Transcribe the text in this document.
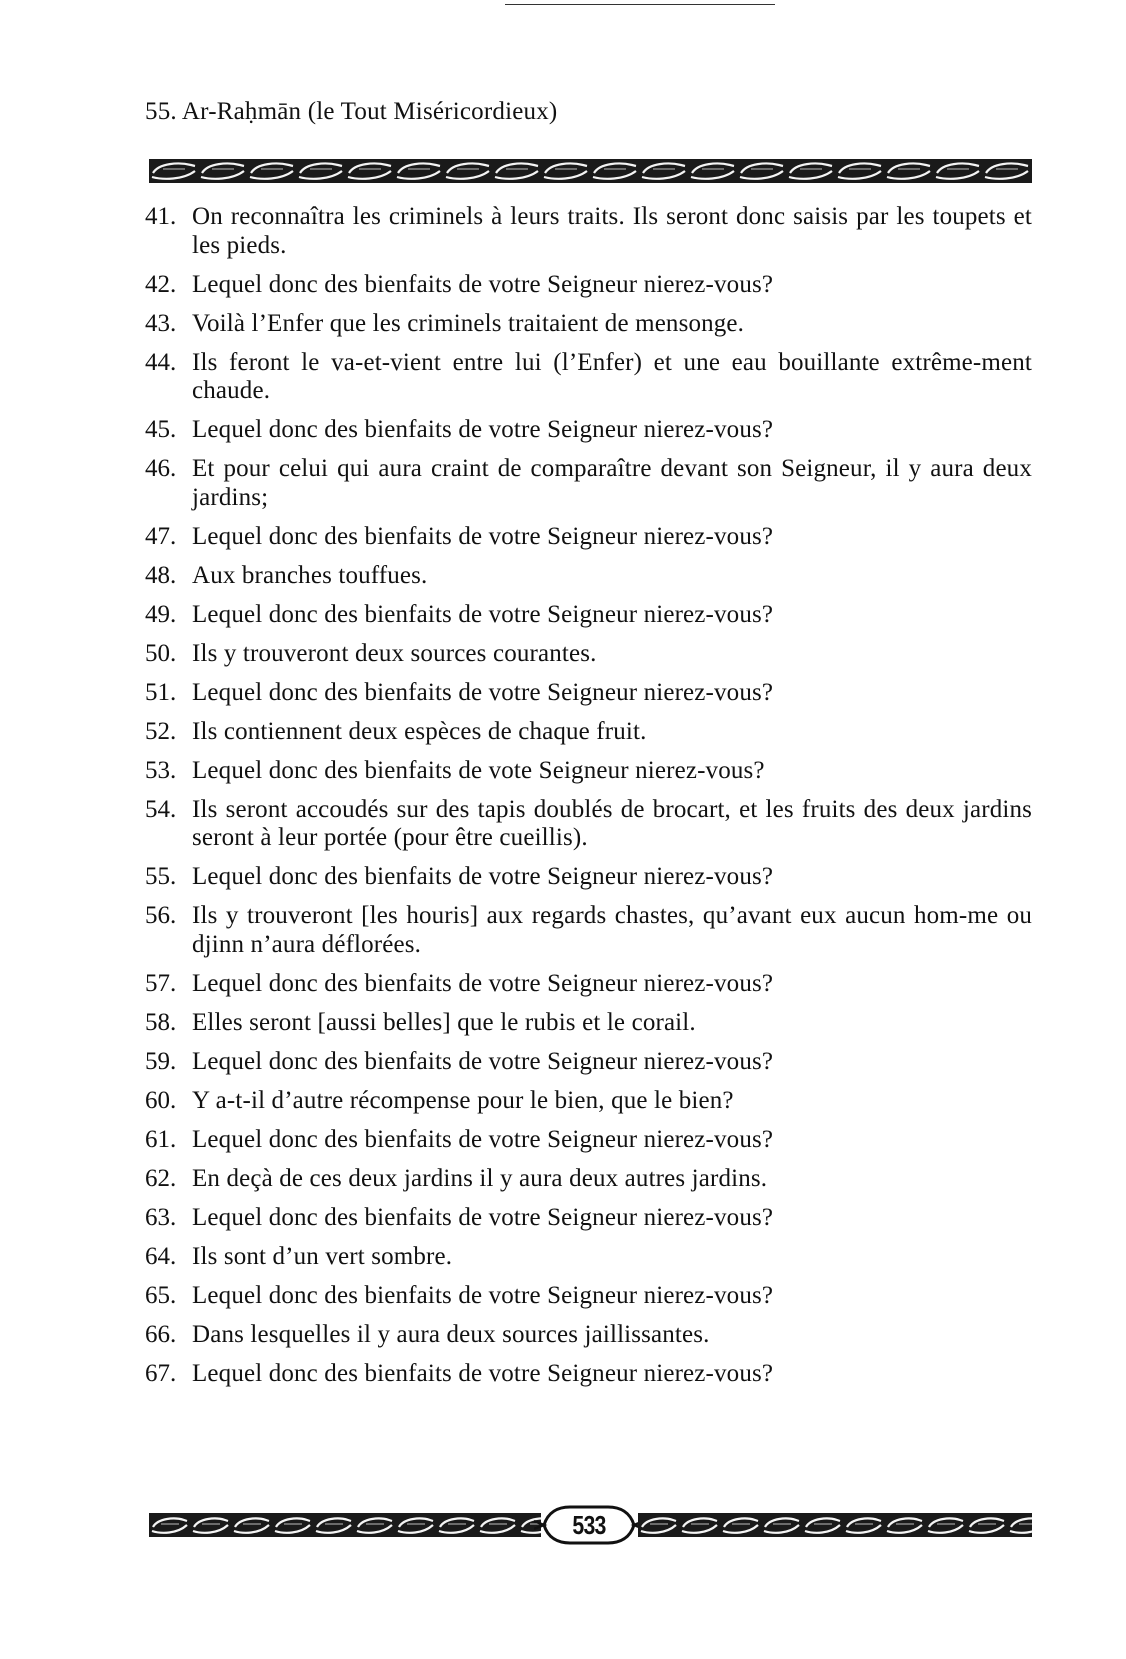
55. Ar-Raḥmān (le Tout Miséricordieux)
41. On reconnaîtra les criminels à leurs traits. Ils seront donc saisis par les toupets et les pieds.
42. Lequel donc des bienfaits de votre Seigneur nierez-vous?
43. Voilà l’Enfer que les criminels traitaient de mensonge.
44. Ils feront le va-et-vient entre lui (l’Enfer) et une eau bouillante extrême-ment chaude.
45. Lequel donc des bienfaits de votre Seigneur nierez-vous?
46. Et pour celui qui aura craint de comparaître devant son Seigneur, il y aura deux jardins;
47. Lequel donc des bienfaits de votre Seigneur nierez-vous?
48. Aux branches touffues.
49. Lequel donc des bienfaits de votre Seigneur nierez-vous?
50. Ils y trouveront deux sources courantes.
51. Lequel donc des bienfaits de votre Seigneur nierez-vous?
52. Ils contiennent deux espèces de chaque fruit.
53. Lequel donc des bienfaits de vote Seigneur nierez-vous?
54. Ils seront accoudés sur des tapis doublés de brocart, et les fruits des deux jardins seront à leur portée (pour être cueillis).
55. Lequel donc des bienfaits de votre Seigneur nierez-vous?
56. Ils y trouveront [les houris] aux regards chastes, qu’avant eux aucun hom-me ou djinn n’aura déflorées.
57. Lequel donc des bienfaits de votre Seigneur nierez-vous?
58. Elles seront [aussi belles] que le rubis et le corail.
59. Lequel donc des bienfaits de votre Seigneur nierez-vous?
60. Y a-t-il d’autre récompense pour le bien, que le bien?
61. Lequel donc des bienfaits de votre Seigneur nierez-vous?
62. En deçà de ces deux jardins il y aura deux autres jardins.
63. Lequel donc des bienfaits de votre Seigneur nierez-vous?
64. Ils sont d’un vert sombre.
65. Lequel donc des bienfaits de votre Seigneur nierez-vous?
66. Dans lesquelles il y aura deux sources jaillissantes.
67. Lequel donc des bienfaits de votre Seigneur nierez-vous?
533
